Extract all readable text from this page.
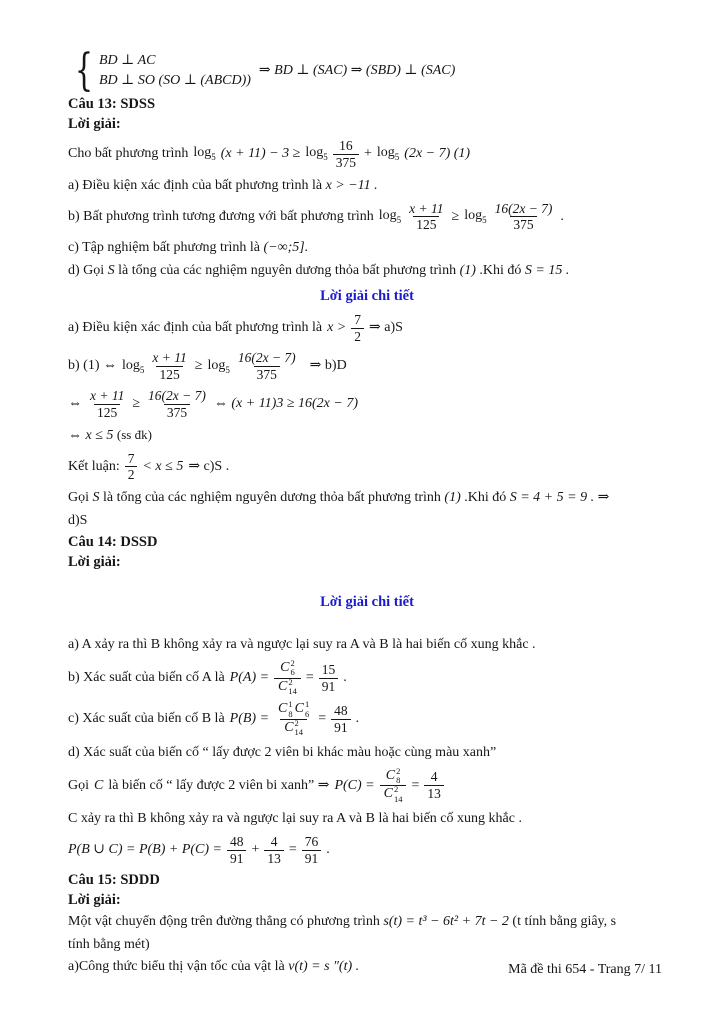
{ BD ⊥ AC
BD ⊥ SO (SO ⊥ (ABCD))
⇒ BD ⊥ (SAC) ⇒ (SBD) ⊥ (SAC)
Câu 13: SDSS
Lời giải:
Cho bất phương trình $\log_5 (x + 11) - 3 \ge \log_5 \frac{16}{375} + \log_5 (2x - 7)$ (1)
a) Điều kiện xác định của bất phương trình là x > −11 .
b) Bất phương trình tương đương với bất phương trình $\log_5 \frac{x + 11}{125} \ge \log_5 \frac{16(2x - 7)}{375}$ .
c) Tập nghiệm bất phương trình là (−∞;5].
d) Gọi S là tổng của các nghiệm nguyên dương thỏa bất phương trình (1) .Khi đó S = 15 .
Lời giải chi tiết
a) Điều kiện xác định của bất phương trình là $x > \frac{7}{2}$ ⇒ a)S
b) (1) ⇔ $\log_5 \frac{x + 11}{125} \ge \log_5 \frac{16(2x - 7)}{375}$ ⇒ b)D
⇔ $\frac{x + 11}{125} \ge \frac{16(2x - 7)}{375}$ ⇔ (x + 11)3 ≥ 16(2x − 7)
⇔ x ≤ 5 (ss đk)
Kết luận: $\frac{7}{2} < x \le 5$ ⇒ c)S .
Gọi S là tổng của các nghiệm nguyên dương thỏa bất phương trình (1) .Khi đó S = 4 + 5 = 9 . ⇒
d)S
Câu 14: DSSD
Lời giải:
Lời giải chi tiết
a) A xảy ra thì B không xảy ra và ngược lại suy ra A và B là hai biến cố xung khắc .
b) Xác suất của biến cố A là P(A) = C 2
6
C 2
$14 = \frac{15}{91}$ .
c) Xác suất của biến cố B là P(B) = C 1
8 C 1
6
C 2
$14 = \frac{48}{91}$ .
d) Xác suất của biến cố “ lấy được 2 viên bi khác màu hoặc cùng màu xanh”
Gọi C là biến cố “ lấy được 2 viên bi xanh” ⇒ P(C) = C 2
8
C 2
$14 = \frac{4}{13}$
C xảy ra thì B không xảy ra và ngược lại suy ra A và B là hai biến cố xung khắc .
P(B ∪ $C) = P(B) + P(C) = \frac{48}{91} + \frac{4}{13} = \frac{76}{91}$ .
Câu 15: SDDD
Lời giải:
Một vật chuyển động trên đường thẳng có phương trình s(t) = t³ − 6t² + 7t − 2 (t tính bằng giây, s
tính bằng mét)
a)Công thức biểu thị vận tốc của vật là v(t) = s ″(t) .	Mã đề thi 654 - Trang 7/ 11
